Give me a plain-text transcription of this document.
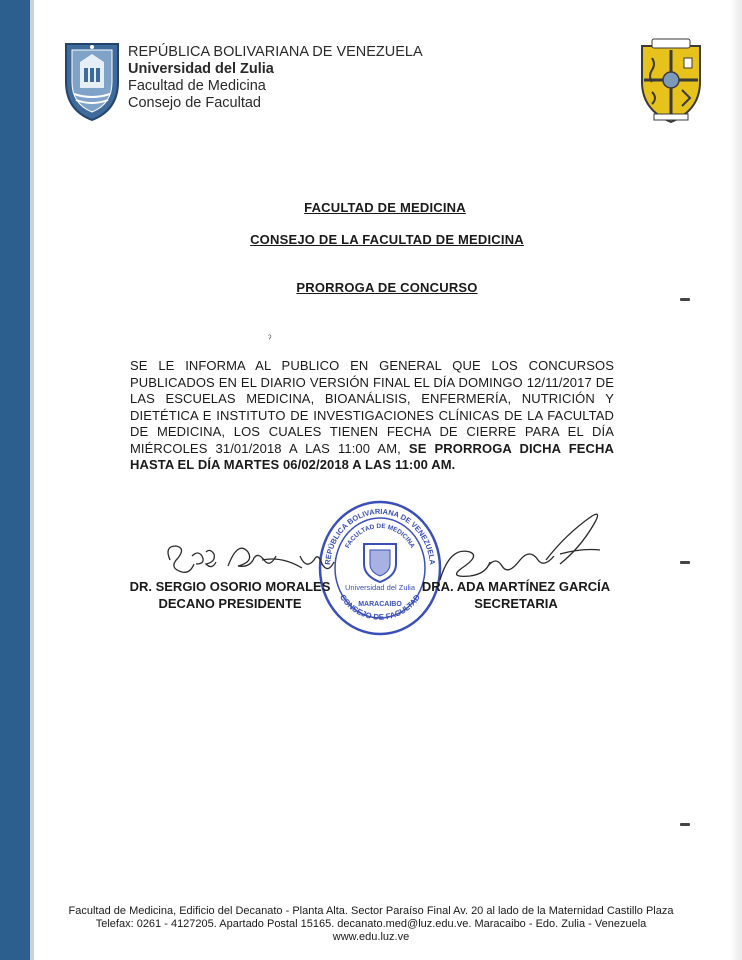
REPÚBLICA BOLIVARIANA DE VENEZUELA
Universidad del Zulia
Facultad de Medicina
Consejo de Facultad
FACULTAD DE MEDICINA
CONSEJO DE LA FACULTAD DE MEDICINA
PRORROGA DE CONCURSO
ˀ
SE LE INFORMA AL PUBLICO EN GENERAL QUE LOS CONCURSOS PUBLICADOS EN EL DIARIO VERSIÓN FINAL EL DÍA DOMINGO 12/11/2017 DE LAS ESCUELAS MEDICINA, BIOANÁLISIS, ENFERMERÍA, NUTRICIÓN Y DIETÉTICA E INSTITUTO DE INVESTIGACIONES CLÍNICAS DE LA FACULTAD DE MEDICINA, LOS CUALES TIENEN FECHA DE CIERRE PARA EL DÍA MIÉRCOLES 31/01/2018 A LAS 11:00 AM, SE PRORROGA DICHA FECHA HASTA EL DÍA MARTES 06/02/2018 A LAS 11:00 AM.
REPÚBLICA BOLIVARIANA DE VENEZUELA
FACULTAD DE MEDICINA
CONSEJO DE FACULTAD
Universidad del Zulia
MARACAIBO
DR. SERGIO OSORIO MORALES
DECANO PRESIDENTE
DRA. ADA MARTÍNEZ GARCÍA
SECRETARIA
Facultad de Medicina, Edificio del Decanato - Planta Alta. Sector Paraíso Final Av. 20 al lado de la Maternidad Castillo Plaza
Telefax: 0261 - 4127205. Apartado Postal 15165. decanato.med@luz.edu.ve. Maracaibo - Edo. Zulia - Venezuela
www.edu.luz.ve
